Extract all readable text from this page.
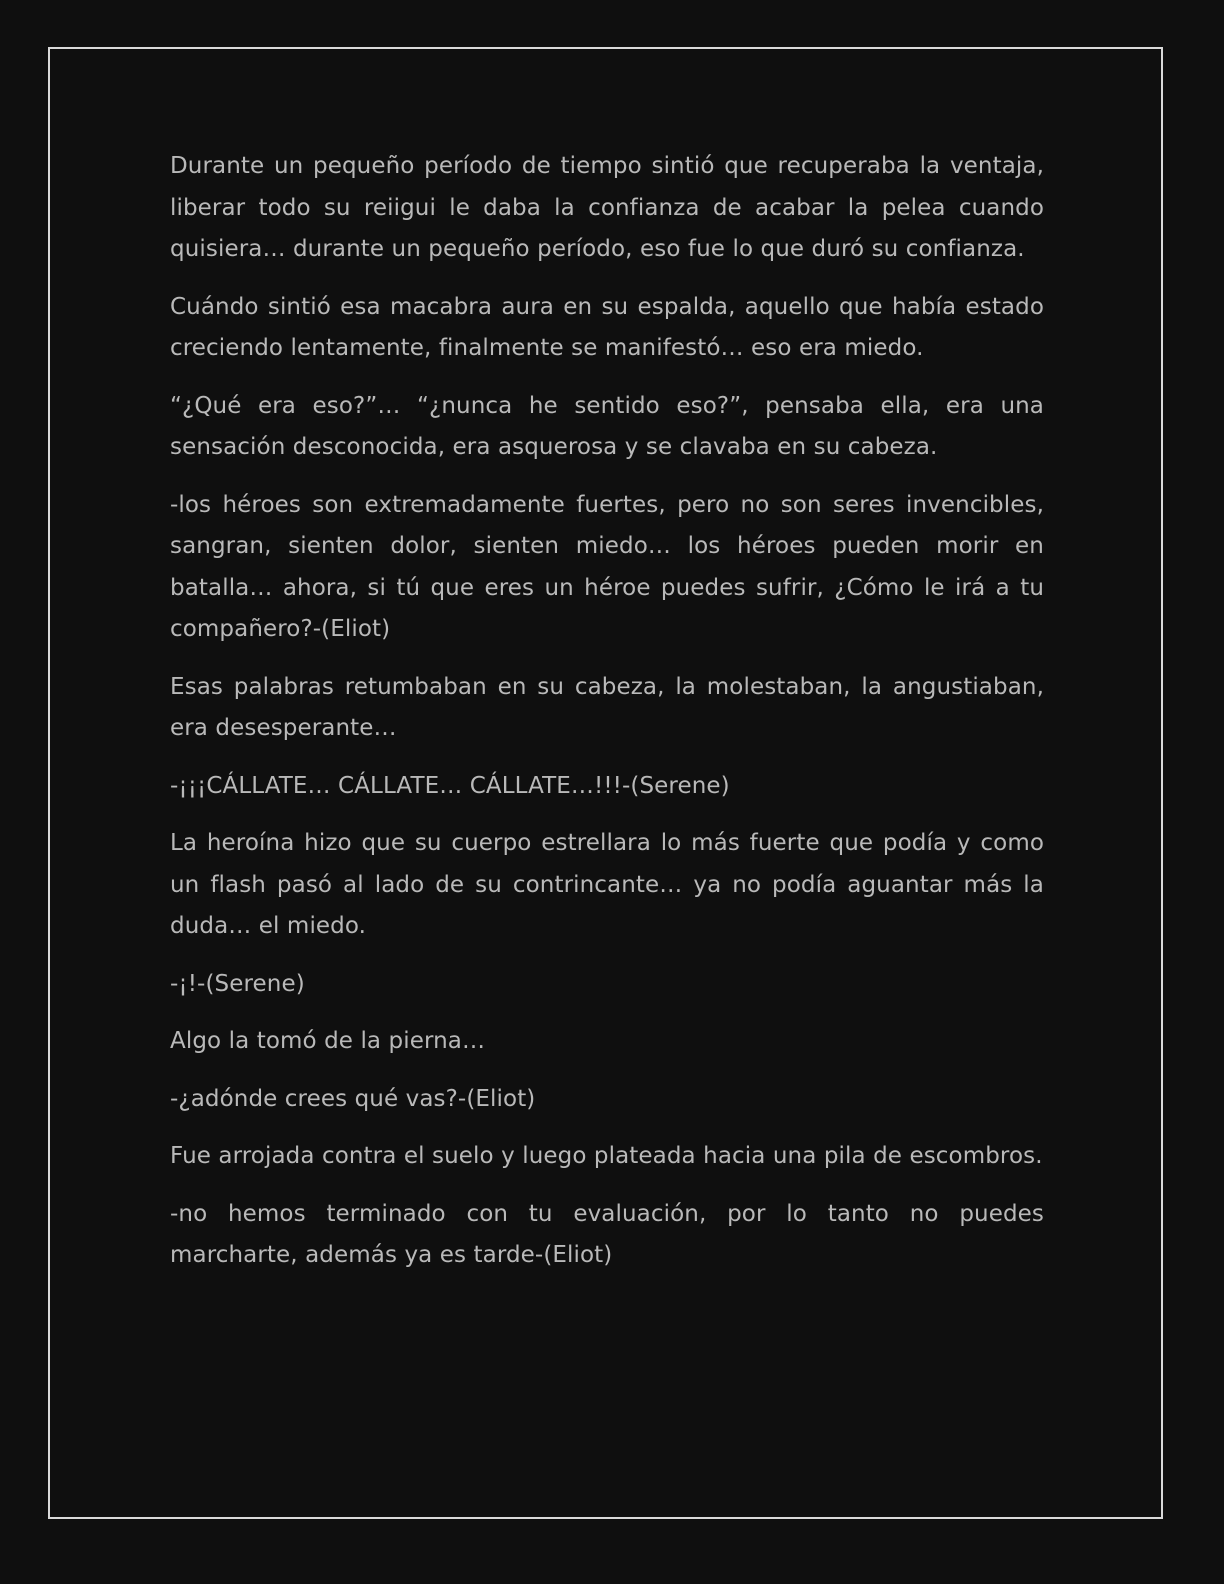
Durante un pequeño período de tiempo sintió que recuperaba la ventaja, liberar todo su reiigui le daba la confianza de acabar la pelea cuando quisiera… durante un pequeño período, eso fue lo que duró su confianza.

Cuándo sintió esa macabra aura en su espalda, aquello que había estado creciendo lentamente, finalmente se manifestó… eso era miedo.

“¿Qué era eso?”… “¿nunca he sentido eso?”, pensaba ella, era una sensación desconocida, era asquerosa y se clavaba en su cabeza.

-los héroes son extremadamente fuertes, pero no son seres invencibles, sangran, sienten dolor, sienten miedo… los héroes pueden morir en batalla… ahora, si tú que eres un héroe puedes sufrir, ¿Cómo le irá a tu compañero?-(Eliot)

Esas palabras retumbaban en su cabeza, la molestaban, la angustiaban, era desesperante…

-¡¡¡CÁLLATE… CÁLLATE… CÁLLATE…!!!-(Serene)

La heroína hizo que su cuerpo estrellara lo más fuerte que podía y como un flash pasó al lado de su contrincante… ya no podía aguantar más la duda… el miedo.

-¡!-(Serene)

Algo la tomó de la pierna…

-¿adónde crees qué vas?-(Eliot)

Fue arrojada contra el suelo y luego plateada hacia una pila de escombros.

-no hemos terminado con tu evaluación, por lo tanto no puedes marcharte, además ya es tarde-(Eliot)
